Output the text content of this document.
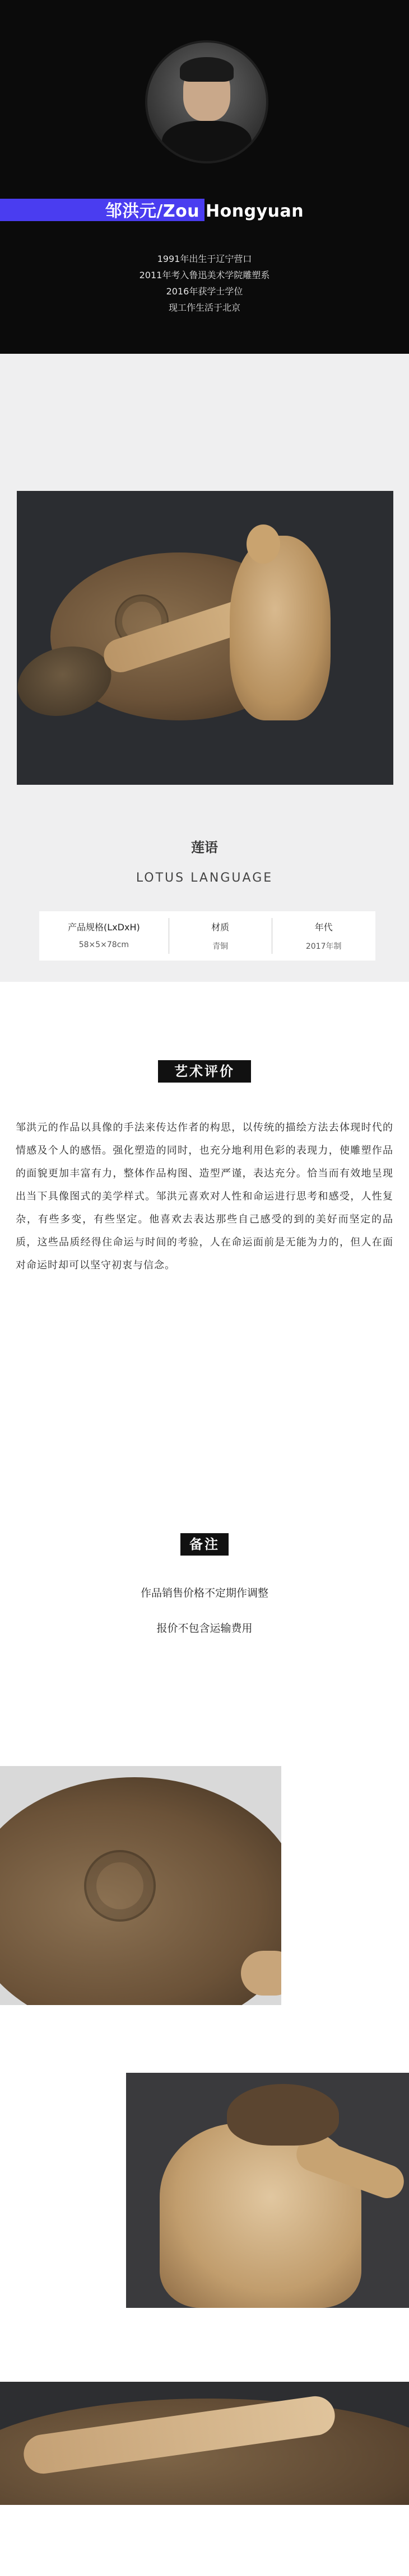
邹洪元/Zou Hongyuan
1991年出生于辽宁营口
2011年考入鲁迅美术学院雕塑系
2016年获学士学位
现工作生活于北京
莲语
LOTUS LANGUAGE
产品规格(LxDxH)
58×5×78cm
材质
青铜
年代
2017年制
艺术评价
邹洪元的作品以具像的手法来传达作者的构思，以传统的描绘方法去体现时代的情感及个人的感悟。强化塑造的同时，也充分地利用色彩的表现力，使雕塑作品的面貌更加丰富有力，整体作品构图、造型严谨，表达充分。恰当而有效地呈现出当下具像图式的美学样式。邹洪元喜欢对人性和命运进行思考和感受，人性复杂，有些多变，有些坚定。他喜欢去表达那些自己感受的到的美好而坚定的品质，这些品质经得住命运与时间的考验，人在命运面前是无能为力的，但人在面对命运时却可以坚守初衷与信念。
备注
作品销售价格不定期作调整
报价不包含运输费用
